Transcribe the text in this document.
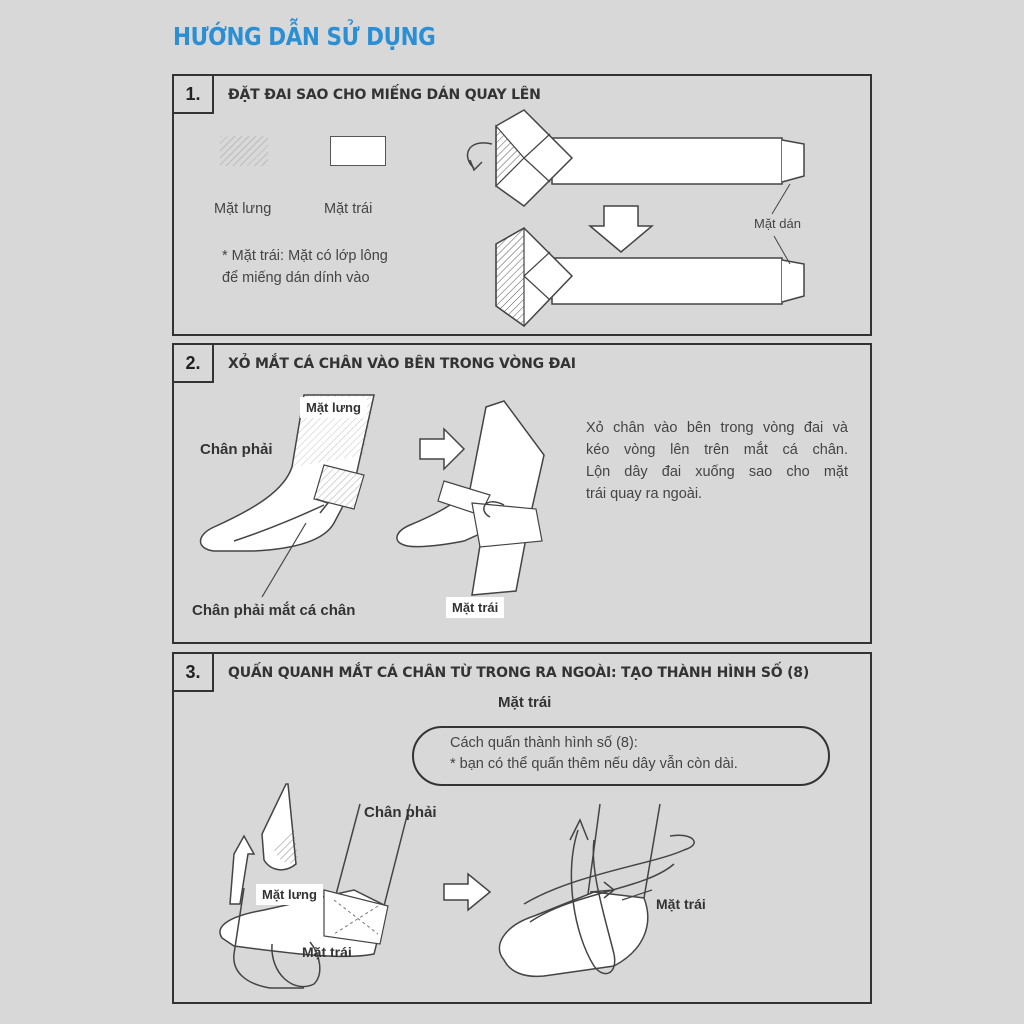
HƯỚNG DẪN SỬ DỤNG
1.	ĐẶT ĐAI SAO CHO MIẾNG DÁN QUAY LÊN
Mặt lưng	Mặt trái
* Mặt trái: Mặt có lớp lông
để miếng dán dính vào
Mặt dán
2.	XỎ MẮT CÁ CHÂN VÀO BÊN TRONG VÒNG ĐAI
Mặt lưng
Chân phải
Chân phải mắt cá chân	Mặt trái
Xỏ chân vào bên trong vòng đai và
kéo vòng lên trên mắt cá chân.
Lộn dây đai xuống sao cho mặt
trái quay ra ngoài.
3.	QUẤN QUANH MẮT CÁ CHÂN TỪ TRONG RA NGOÀI: TẠO THÀNH HÌNH SỐ (8)
Mặt trái
Cách quấn thành hình số (8):
* bạn có thể quấn thêm nếu dây vẫn còn dài.
Chân phải
Mặt lưng
Mặt trái
Mặt trái
